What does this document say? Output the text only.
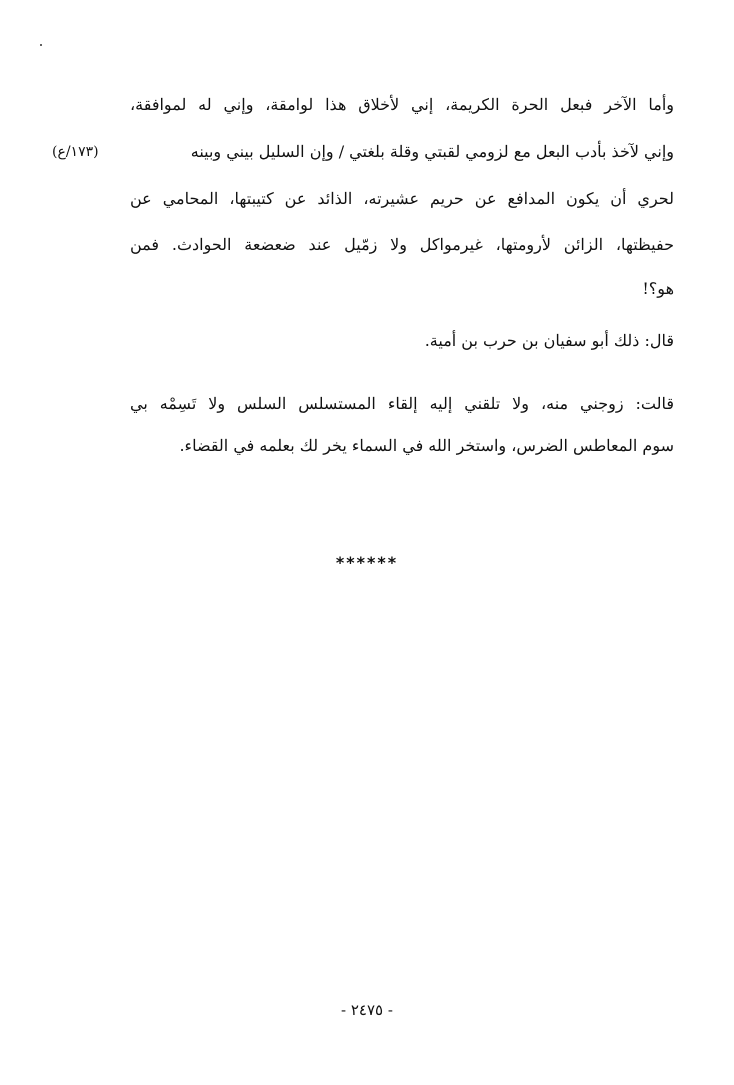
وأما الآخر فبعل الحرة الكريمة، إني لأخلاق هذا لوامقة، وإني له لموافقة،
وإني لآخذ بأدب البعل مع لزومي لقبتي وقلة بلغتي / وإن السليل بيني وبينه
(١٧٣/ع)
لحري أن يكون المدافع عن حريم عشيرته، الذائد عن كتيبتها، المحامي عن
حفيظتها، الزائن لأرومتها، غيرمواكل ولا زمّيل عند ضعضعة الحوادث. فمن
هو؟!
قال: ذلك أبو سفيان بن حرب بن أمية.
قالت: زوجني منه، ولا تلقني إليه إلقاء المستسلس السلس ولا تَسِمْه بي
سوم المعاطس الضرس، واستخر الله في السماء يخر لك بعلمه في القضاء.
******
- ٢٤٧٥ -
